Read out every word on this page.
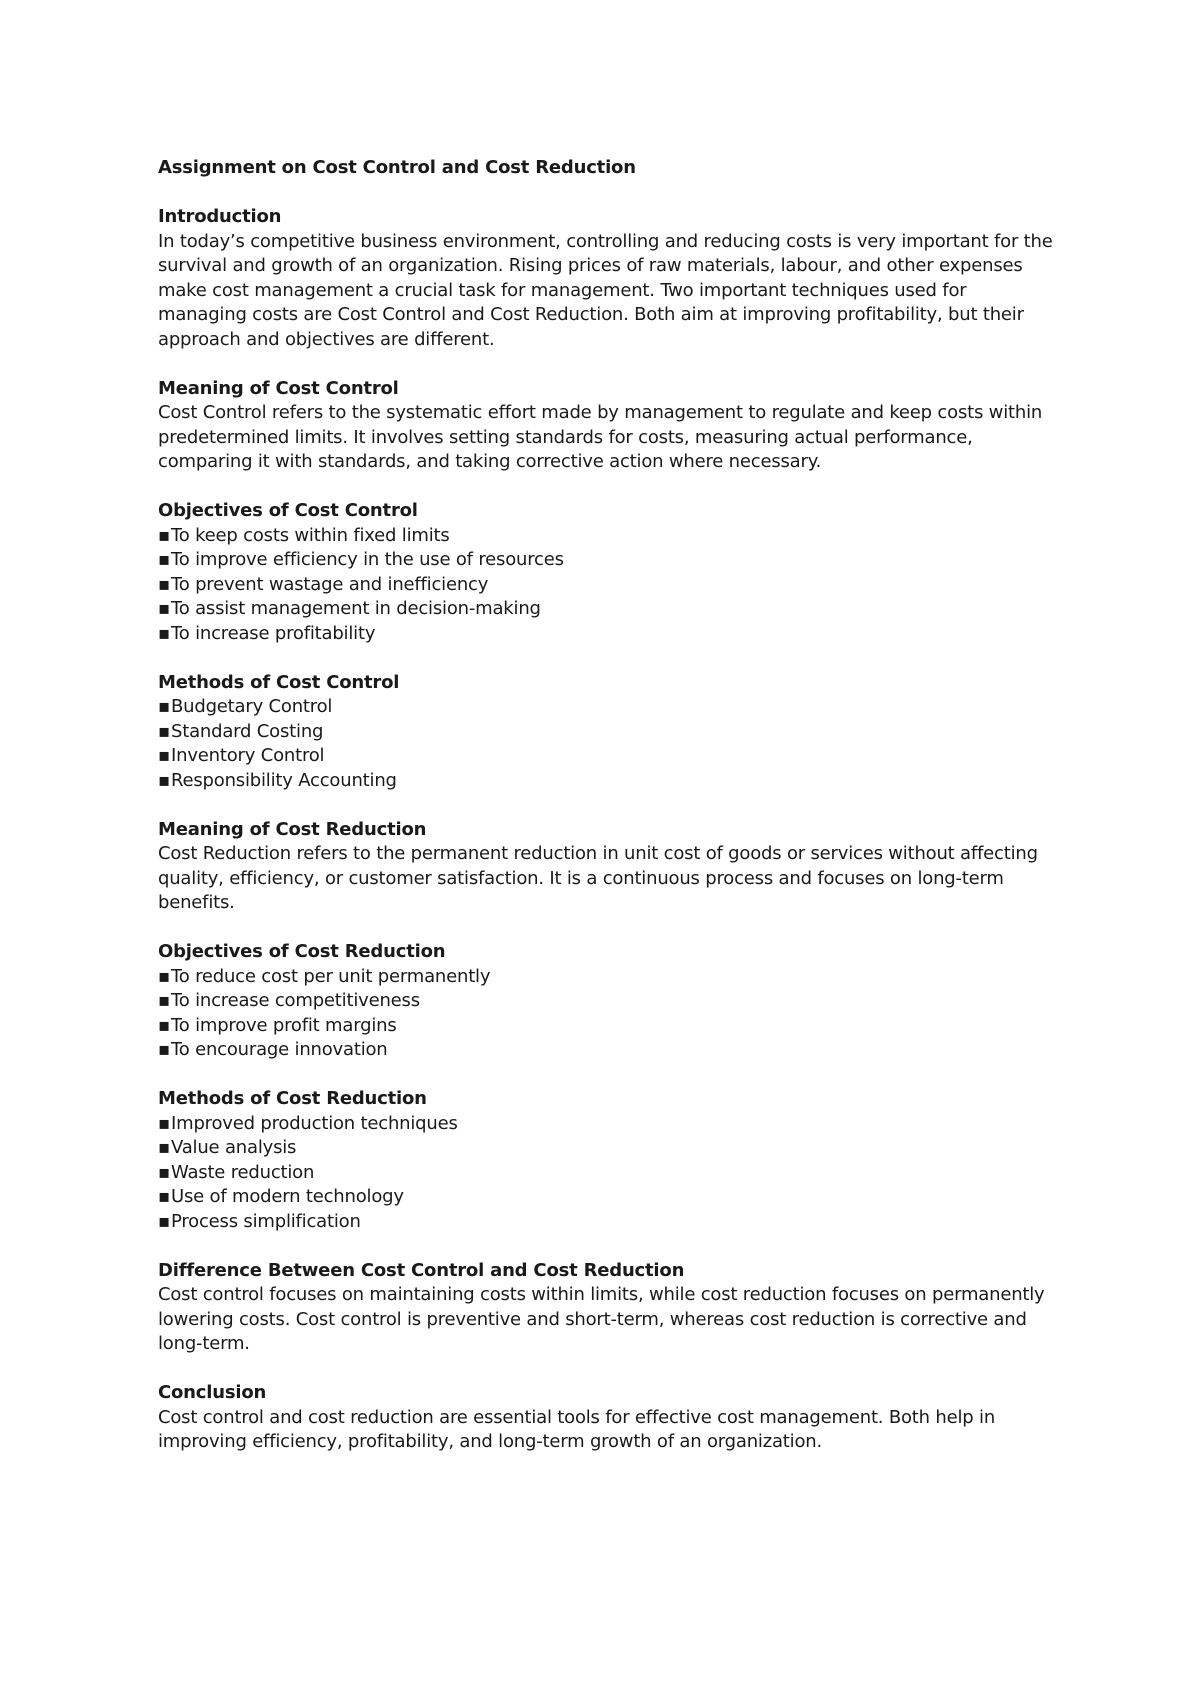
Assignment on Cost Control and Cost Reduction

Introduction

In today’s competitive business environment, controlling and reducing costs is very important for the survival and growth of an organization. Rising prices of raw materials, labour, and other expenses make cost management a crucial task for management. Two important techniques used for managing costs are Cost Control and Cost Reduction. Both aim at improving profitability, but their approach and objectives are different.

Meaning of Cost Control

Cost Control refers to the systematic effort made by management to regulate and keep costs within predetermined limits. It involves setting standards for costs, measuring actual performance, comparing it with standards, and taking corrective action where necessary.

Objectives of Cost Control

▪To keep costs within fixed limits
▪To improve efficiency in the use of resources
▪To prevent wastage and inefficiency
▪To assist management in decision-making
▪To increase profitability

Methods of Cost Control

▪Budgetary Control
▪Standard Costing
▪Inventory Control
▪Responsibility Accounting

Meaning of Cost Reduction

Cost Reduction refers to the permanent reduction in unit cost of goods or services without affecting quality, efficiency, or customer satisfaction. It is a continuous process and focuses on long-term benefits.

Objectives of Cost Reduction

▪To reduce cost per unit permanently
▪To increase competitiveness
▪To improve profit margins
▪To encourage innovation

Methods of Cost Reduction

▪Improved production techniques
▪Value analysis
▪Waste reduction
▪Use of modern technology
▪Process simplification

Difference Between Cost Control and Cost Reduction

Cost control focuses on maintaining costs within limits, while cost reduction focuses on permanently lowering costs. Cost control is preventive and short-term, whereas cost reduction is corrective and long-term.

Conclusion

Cost control and cost reduction are essential tools for effective cost management. Both help in improving efficiency, profitability, and long-term growth of an organization.
